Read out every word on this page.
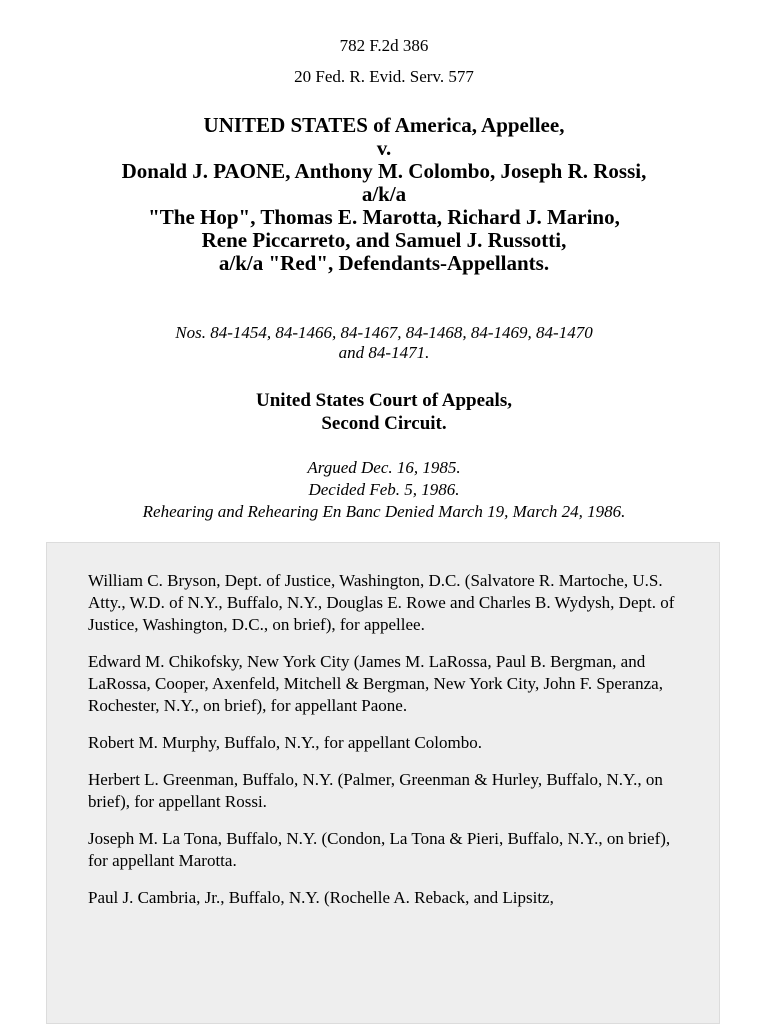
782 F.2d 386
20 Fed. R. Evid. Serv. 577
UNITED STATES of America, Appellee,
v.
Donald J. PAONE, Anthony M. Colombo, Joseph R. Rossi,
a/k/a
"The Hop", Thomas E. Marotta, Richard J. Marino,
Rene Piccarreto, and Samuel J. Russotti,
a/k/a "Red", Defendants-Appellants.
Nos. 84-1454, 84-1466, 84-1467, 84-1468, 84-1469, 84-1470
and 84-1471.
United States Court of Appeals,
Second Circuit.
Argued Dec. 16, 1985.
Decided Feb. 5, 1986.
Rehearing and Rehearing En Banc Denied March 19, March 24, 1986.

William C. Bryson, Dept. of Justice, Washington, D.C. (Salvatore R. Martoche, U.S. Atty., W.D. of N.Y., Buffalo, N.Y., Douglas E. Rowe and Charles B. Wydysh, Dept. of Justice, Washington, D.C., on brief), for appellee.

Edward M. Chikofsky, New York City (James M. LaRossa, Paul B. Bergman, and LaRossa, Cooper, Axenfeld, Mitchell & Bergman, New York City, John F. Speranza, Rochester, N.Y., on brief), for appellant Paone.

Robert M. Murphy, Buffalo, N.Y., for appellant Colombo.

Herbert L. Greenman, Buffalo, N.Y. (Palmer, Greenman & Hurley, Buffalo, N.Y., on brief), for appellant Rossi.

Joseph M. La Tona, Buffalo, N.Y. (Condon, La Tona & Pieri, Buffalo, N.Y., on brief), for appellant Marotta.

Paul J. Cambria, Jr., Buffalo, N.Y. (Rochelle A. Reback, and Lipsitz,
